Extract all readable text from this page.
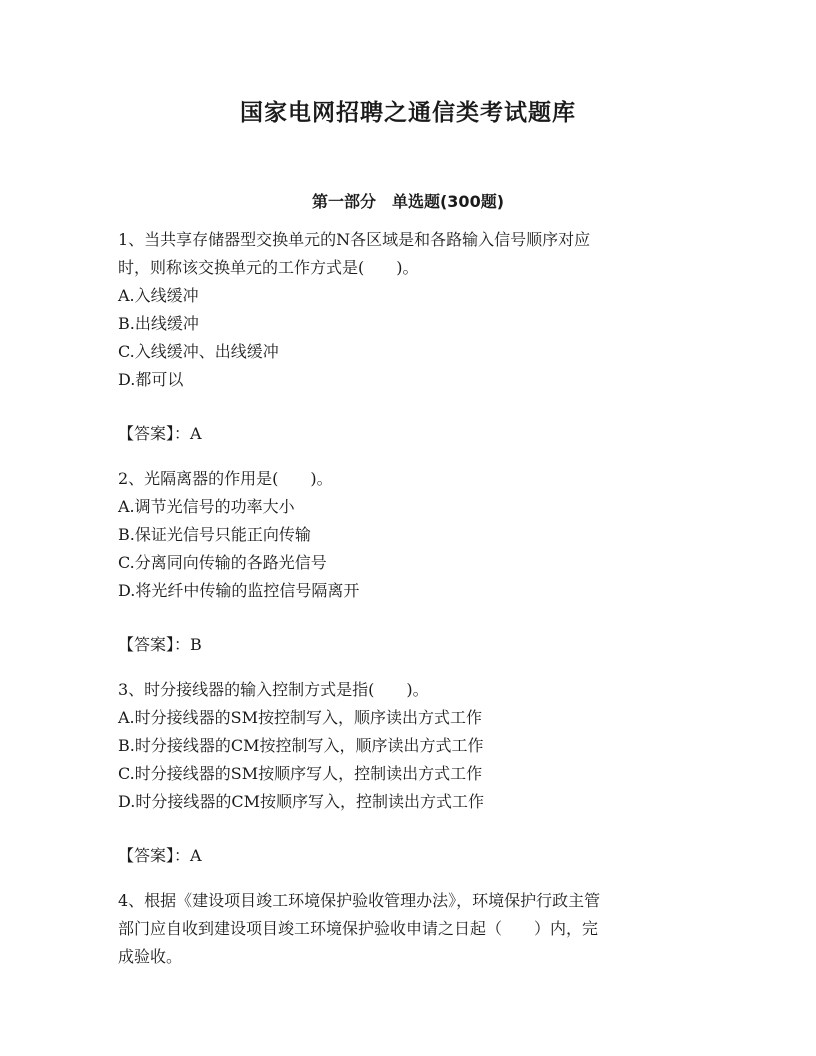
国家电网招聘之通信类考试题库
第一部分 单选题(300题)

1、当共享存储器型交换单元的N各区域是和各路输入信号顺序对应

时，则称该交换单元的工作方式是(　　)。

A.入线缓冲

B.出线缓冲

C.入线缓冲、出线缓冲

D.都可以

【答案】：A

2、光隔离器的作用是(　　)。

A.调节光信号的功率大小

B.保证光信号只能正向传输

C.分离同向传输的各路光信号

D.将光纤中传输的监控信号隔离开

【答案】：B

3、时分接线器的输入控制方式是指(　　)。

A.时分接线器的SM按控制写入，顺序读出方式工作

B.时分接线器的CM按控制写入，顺序读出方式工作

C.时分接线器的SM按顺序写人，控制读出方式工作

D.时分接线器的CM按顺序写入，控制读出方式工作

【答案】：A

4、根据《建设项目竣工环境保护验收管理办法》，环境保护行政主管

部门应自收到建设项目竣工环境保护验收申请之日起（　　）内，完

成验收。
